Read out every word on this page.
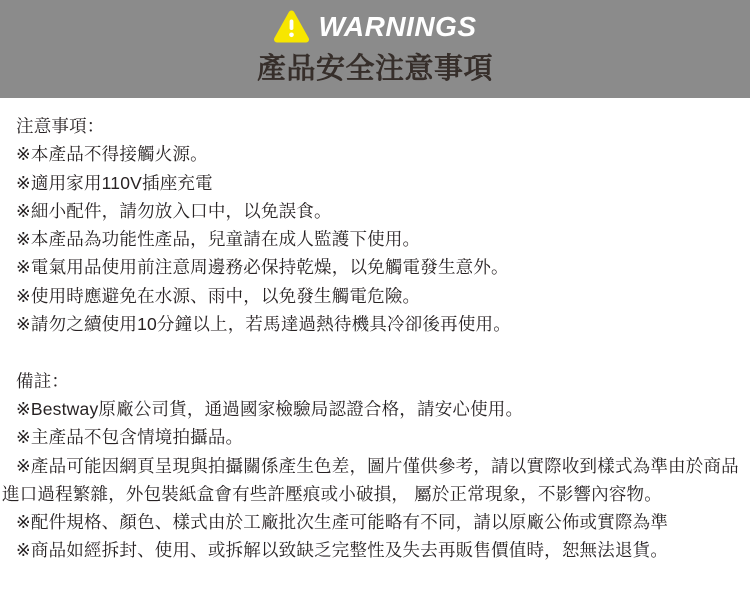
WARNINGS
產品安全注意事項
注意事項：
※本產品不得接觸火源。
※適用家用110V插座充電
※細小配件，請勿放入口中，以免誤食。
※本產品為功能性產品，兒童請在成人監護下使用。
※電氣用品使用前注意周邊務必保持乾燥，以免觸電發生意外。
※使用時應避免在水源、雨中，以免發生觸電危險。
※請勿之續使用10分鐘以上，若馬達過熱待機具冷卻後再使用。
備註：
※Bestway原廠公司貨，通過國家檢驗局認證合格，請安心使用。
※主產品不包含情境拍攝品。
※產品可能因網頁呈現與拍攝關係產生色差，圖片僅供參考，請以實際收到樣式為準由於商品
進口過程繁雜，外包裝紙盒會有些許壓痕或小破損， 屬於正常現象，不影響內容物。
※配件規格、顏色、樣式由於工廠批次生產可能略有不同，請以原廠公佈或實際為準
※商品如經拆封、使用、或拆解以致缺乏完整性及失去再販售價值時，恕無法退貨。
